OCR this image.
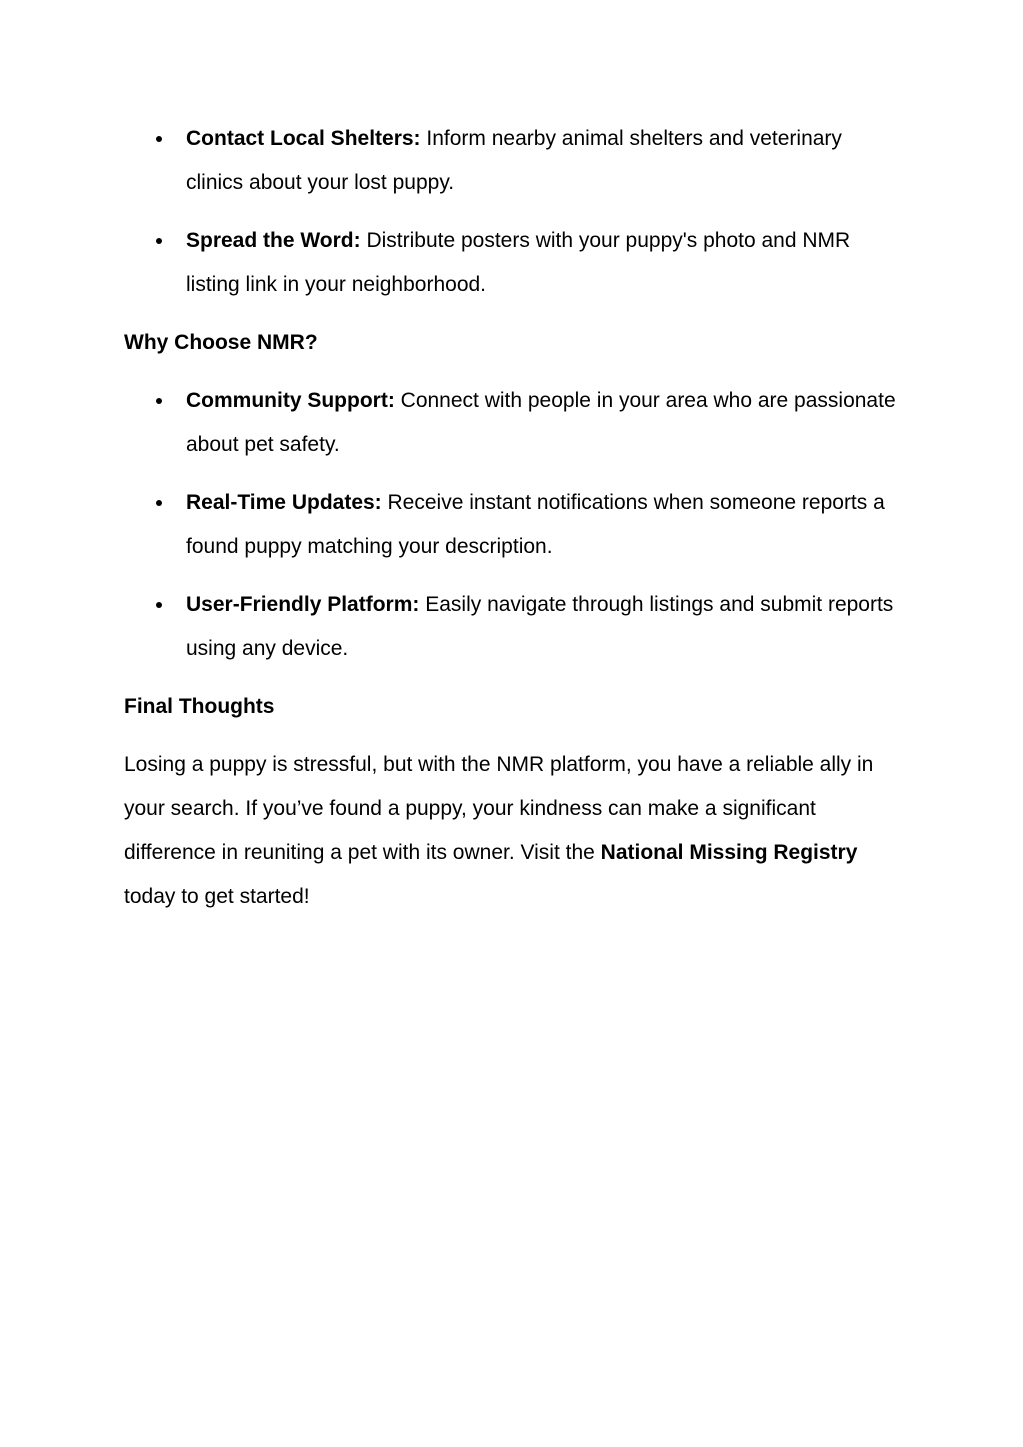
Contact Local Shelters: Inform nearby animal shelters and veterinary clinics about your lost puppy.
Spread the Word: Distribute posters with your puppy's photo and NMR listing link in your neighborhood.
Why Choose NMR?
Community Support: Connect with people in your area who are passionate about pet safety.
Real-Time Updates: Receive instant notifications when someone reports a found puppy matching your description.
User-Friendly Platform: Easily navigate through listings and submit reports using any device.
Final Thoughts

Losing a puppy is stressful, but with the NMR platform, you have a reliable ally in your search. If you’ve found a puppy, your kindness can make a significant difference in reuniting a pet with its owner. Visit the National Missing Registry today to get started!
